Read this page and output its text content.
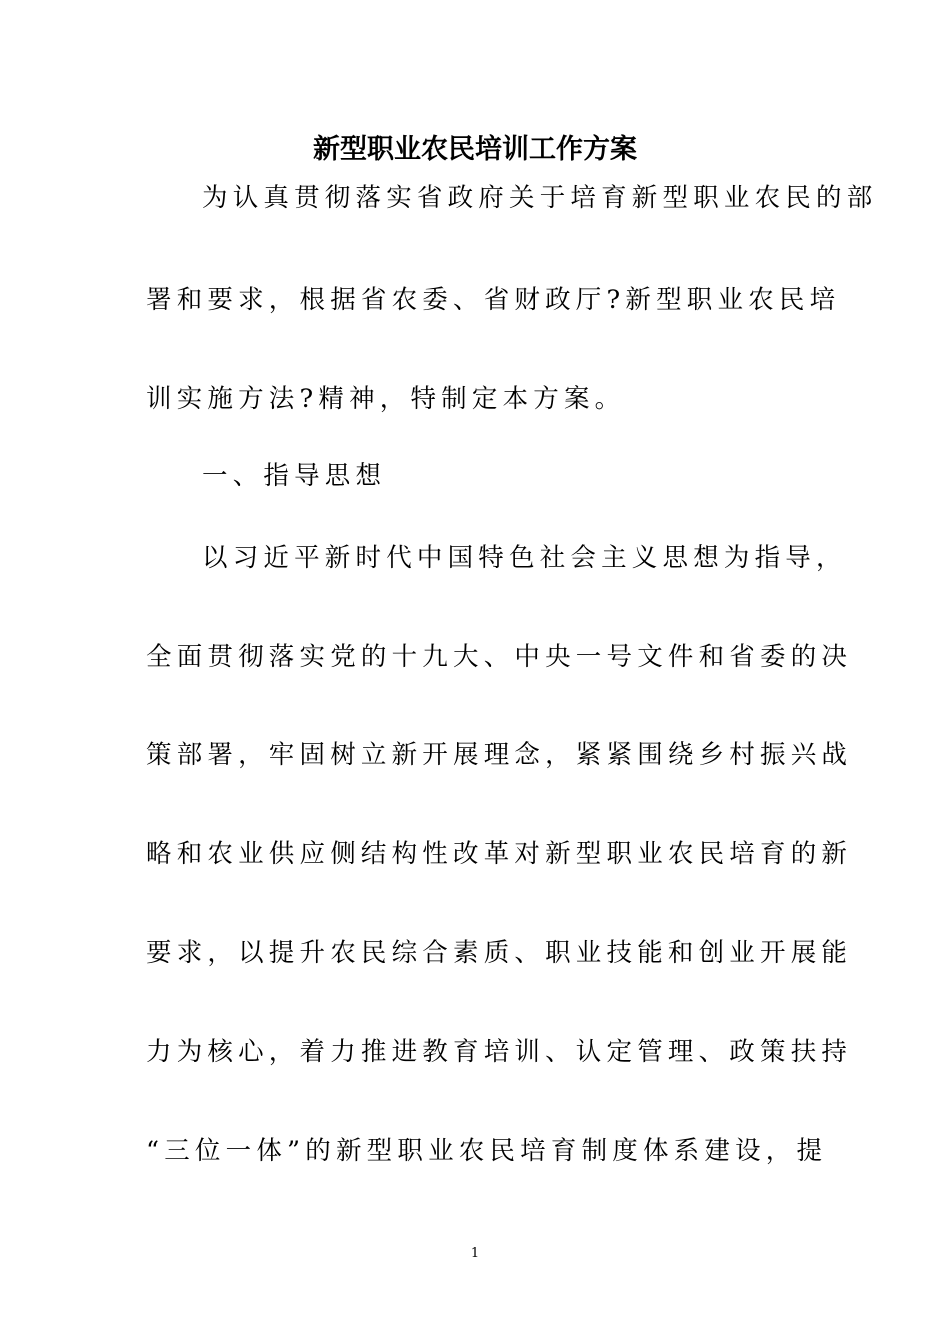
新型职业农民培训工作方案
为认真贯彻落实省政府关于培育新型职业农民的部
署和要求，根据省农委、省财政厅?新型职业农民培
训实施方法?精神，特制定本方案。
一、指导思想
以习近平新时代中国特色社会主义思想为指导，
全面贯彻落实党的十九大、中央一号文件和省委的决
策部署，牢固树立新开展理念，紧紧围绕乡村振兴战
略和农业供应侧结构性改革对新型职业农民培育的新
要求，以提升农民综合素质、职业技能和创业开展能
力为核心，着力推进教育培训、认定管理、政策扶持
“三位一体”的新型职业农民培育制度体系建设，提
1
